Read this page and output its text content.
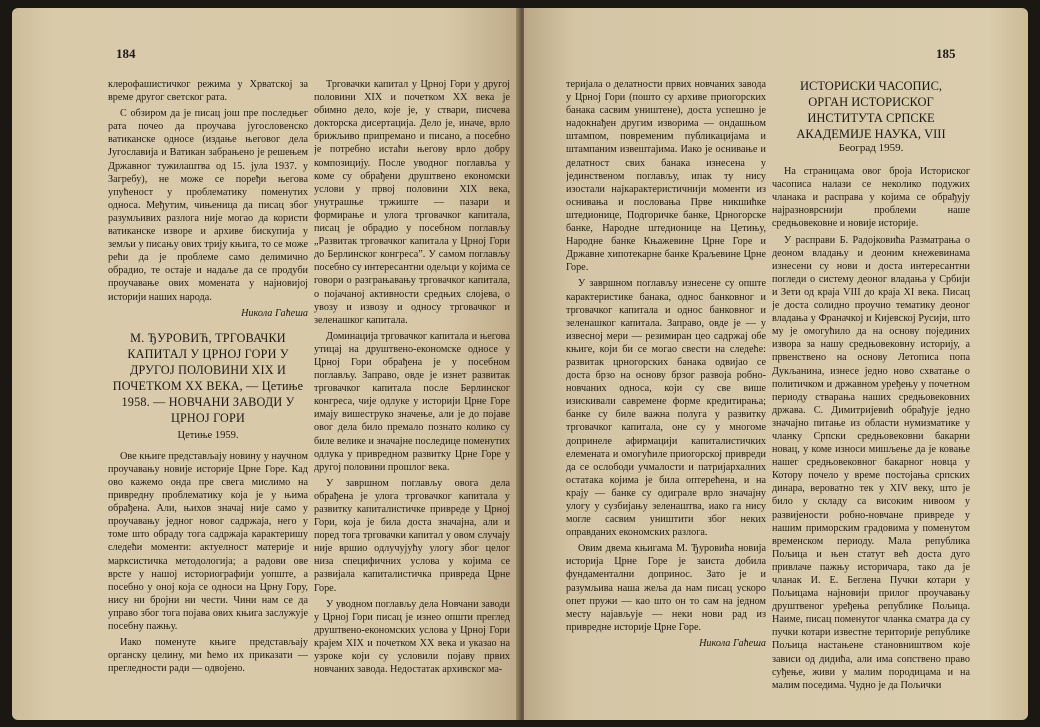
184

клерофашистичког режима у Хрватској за време другог светског рата.

С обзиром да је писац још пре последњег рата почео да проучава југословенско ватиканске односе (издање његовог дела Југославија и Ватикан забрањено је решењем Државног тужилаштва од 15. јула 1937. у Загребу), не може се поређи његова упућеност у проблематику поменутих односа. Међутим, чињеница да писац због разумљивих разлога није могао да користи ватиканске изворе и архиве бискупија у земљи у писању ових трију књига, то се може рећи да је проблеме само делимично обрадио, те остаје и надаље да се продуби проучавање ових момената у најновијој историји наших народа.

Никола Гаћеша

М. ЂУРОВИЋ, ТРГОВАЧКИ КАПИТАЛ У ЦРНОЈ ГОРИ У ДРУГОЈ ПОЛОВИНИ XIX И ПОЧЕТКОМ XX ВЕКА, — Цетиње 1958. — НОВЧАНИ ЗАВОДИ У ЦРНОЈ ГОРИ
Цетиње 1959.

Ове књиге представљају новину у научном проучавању новије историје Црне Горе. Кад ово кажемо онда пре свега мислимо на привредну проблематику која је у њима обрађена. Али, њихов значај није само у проучавању једног новог садржаја, него у томе што обраду тога садржаја карактеришу следећи моменти: актуелност материје и марксистичка методологија; а радови ове врсте у нашој историографији уопште, а посебно у оној која се односи на Црну Гору, нису ни бројни ни чести. Чини нам се да управо због тога појава ових књига заслужује посебну пажњу.

Иако поменуте књиге представљају органску целину, ми ћемо их приказати — прегледности ради — одвојено.

Трговачки капитал у Црној Гори у другој половини XIX и почетком XX века је обимно дело, које је, у ствари, писчева докторска дисертација. Дело је, иначе, врло брижљиво припремано и писано, а посебно је потребно истаћи његову врло добру композицију. После уводног поглавља у коме су обрађени друштвено економски услови у првој половини XIX века, унутрашње тржиште — пазари и формирање и улога трговачког капитала, писац је обрадио у посебном поглављу „Развитак трговачког капитала у Црној Гори до Берлинског конгреса”. У самом поглављу посебно су интересантни одељци у којима се говори о разграњавању трговачког капитала, о појачаној активности средњих слојева, о увозу и извозу и односу трговачког и зеленашког капитала.

Доминација трговачког капитала и његова утицај на друштвено-економске односе у Црној Гори обрађена је у посебном поглављу. Заправо, овде је изнет развитак трговачког капитала после Берлинског конгреса, чије одлуке у историји Црне Горе имају вишеструко значење, али је до појаве овог дела било премало познато колико су биле велике и значајне последице поменутих одлука у привредном развитку Црне Горе у другој половини прошлог века.

У завршном поглављу овога дела обрађена је улога трговачког капитала у развитку капиталистичке привреде у Црној Гори, која је била доста значајна, али и поред тога трговачки капитал у овом случају није вршио одлучујућу улогу због целог низа специфичних услова у којима се развијала капиталистичка привреда Црне Горе.

У уводном поглављу дела Новчани заводи у Црној Гори писац је изнео општи преглед друштвено-економских услова у Црној Гори крајем XIX и почетком XX века и указао на узроке који су условили појаву првих новчаних завода. Недостатак архивског ма-

185

теријала о делатности првих новчаних завода у Црној Гори (пошто су архиве приогорских банака сасвим уништене), доста успешно је надокнађен другим изворима — ондашњом штампом, повременим публикацијама и штампаним извештајима. Иако је оснивање и делатност свих банака изнесена у јединственом поглављу, ипак ту нису изостали најкарактеристичнији моменти из оснивања и пословања Прве никшићке штедионице, Подгоричке банке, Црногорске банке, Народне штедионице на Цетињу, Народне банке Књажевине Црне Горе и Државне хипотекарне банке Краљевине Црне Горе.

У завршном поглављу изнесене су опште карактеристике банака, однос банковног и трговачког капитала и однос банковног и зеленашког капитала. Заправо, овде је — у извесној мери — резимиран цео садржај обе књиге, који би се могао свести на следеће: развитак црногорских банака одвијао се доста брзо на основу брзог развоја робно-новчаних односа, који су све више изискивали савремене форме кредитирања; банке су биле важна полуга у развитку трговачког капитала, оне су у многоме допринеле афирмацији капиталистичких елемената и омогућиле приогорској привреди да се ослободи учмалости и патријархалних остатака којима је била оптерећена, и на крају — банке су одиграле врло значајну улогу у сузбијању зеленаштва, иако га нису могле сасвим уништити због неких оправданих економских разлога.

Овим двема књигама М. Ђуровића новија историја Црне Горе је заиста добила фундаментални допринос. Зато је и разумљива наша жеља да нам писац ускоро опет пружи — као што он то сам на једном месту најављује — неки нови рад из привредне историје Црне Горе.

Никола Гаћеша

ИСТОРИСКИ ЧАСОПИС,
ОРГАН ИСТОРИСКОГ ИНСТИТУТА СРПСКЕ АКАДЕМИЈЕ НАУКА, VIII
Београд 1959.

На страницама овог броја Историског часописа налази се неколико подужих чланака и расправа у којима се обрађују најразноврснији проблеми наше средњовековне и новије историје.

У расправи Б. Радојковића Разматрања о деоном владању и деоним кнежевинама изнесени су нови и доста интересантни погледи о систему деоног владања у Србији и Зети од краја VIII до краја XI века. Писац је доста солидно проучио тематику деоног владања у Франачкој и Кијевској Русији, што му је омогућило да на основу појединих извора за нашу средњовековну историју, а првенствено на основу Летописа попа Дукљанина, изнесе једно ново схватање о политичком и државном уређењу у почетном периоду стварања наших средњовековних држава. С. Димитријевић обрађује једно значајно питање из области нумизматике у чланку Српски средњовековни бакарни новац, у коме износи мишљење да је ковање нашег средњовековног бакарног новца у Котору почело у време постојања српских динара, вероватно тек у XIV веку, што је било у складу са високим нивоом у развијености робно-новчане привреде у нашим приморским градовима у поменутом временском периоду. Мала република Пољица и њен статут већ доста дуго привлаче пажњу историчара, тако да је чланак И. Е. Беглена Пучки котари у Пољицама најновији прилог проучавању друштвеног уређења републике Пољица. Наиме, писац поменутог чланка сматра да су пучки котари известне територије републике Пољица настањене становништвом које зависи од дидића, али има сопствено право суђење, живи у малим породицама и на малим поседима. Чудно је да Пољички
